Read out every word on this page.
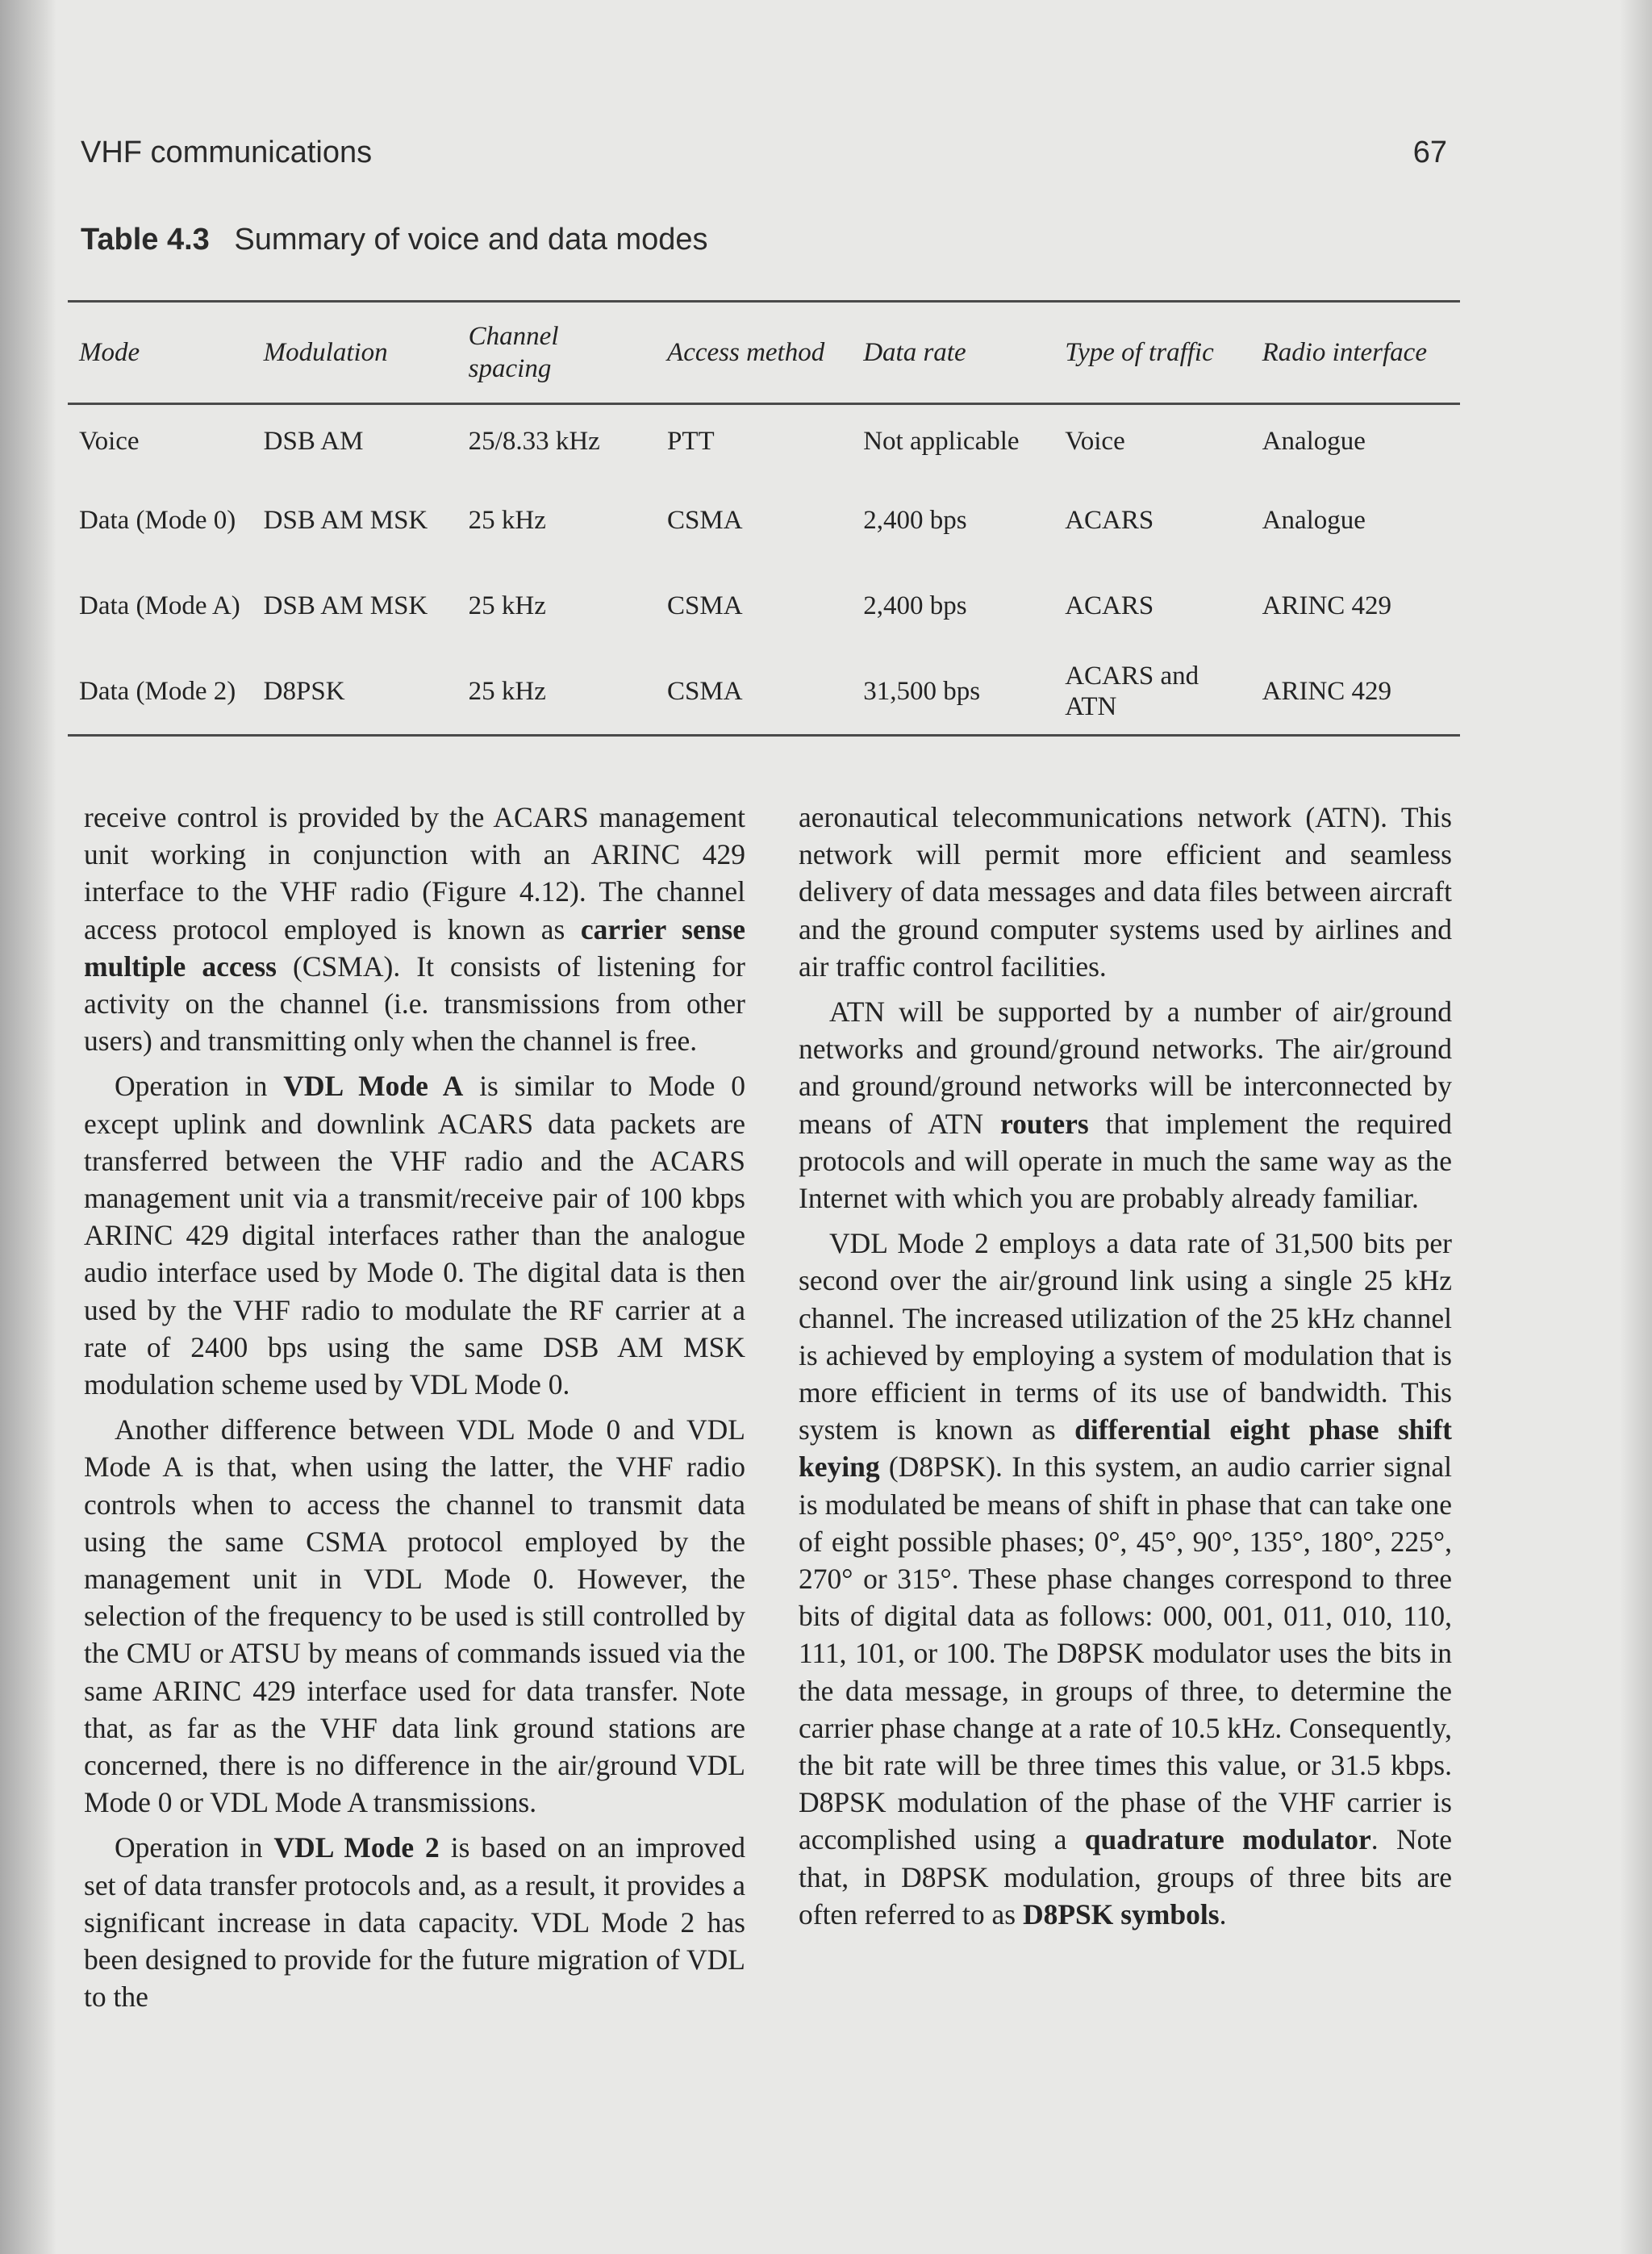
VHF communications	67
Table 4.3 Summary of voice and data modes
Mode	Modulation	Channel spacing	Access method	Data rate	Type of traffic	Radio interface

Voice	DSB AM	25/8.33 kHz	PTT	Not applicable	Voice	Analogue
Data (Mode 0)	DSB AM MSK	25 kHz	CSMA	2,400 bps	ACARS	Analogue
Data (Mode A)	DSB AM MSK	25 kHz	CSMA	2,400 bps	ACARS	ARINC 429
Data (Mode 2)	D8PSK	25 kHz	CSMA	31,500 bps	ACARS and ATN	ARINC 429

receive control is provided by the ACARS management unit working in conjunction with an ARINC 429 interface to the VHF radio (Figure 4.12). The channel access protocol employed is known as carrier sense multiple access (CSMA). It consists of listening for activity on the channel (i.e. transmissions from other users) and transmitting only when the channel is free.

Operation in VDL Mode A is similar to Mode 0 except uplink and downlink ACARS data packets are transferred between the VHF radio and the ACARS management unit via a transmit/receive pair of 100 kbps ARINC 429 digital interfaces rather than the analogue audio interface used by Mode 0. The digital data is then used by the VHF radio to modulate the RF carrier at a rate of 2400 bps using the same DSB AM MSK modulation scheme used by VDL Mode 0.

Another difference between VDL Mode 0 and VDL Mode A is that, when using the latter, the VHF radio controls when to access the channel to transmit data using the same CSMA protocol employed by the management unit in VDL Mode 0. However, the selection of the frequency to be used is still controlled by the CMU or ATSU by means of commands issued via the same ARINC 429 interface used for data transfer. Note that, as far as the VHF data link ground stations are concerned, there is no difference in the air/ground VDL Mode 0 or VDL Mode A transmissions.

Operation in VDL Mode 2 is based on an improved set of data transfer protocols and, as a result, it provides a significant increase in data capacity. VDL Mode 2 has been designed to provide for the future migration of VDL to the

aeronautical telecommunications network (ATN). This network will permit more efficient and seamless delivery of data messages and data files between aircraft and the ground computer systems used by airlines and air traffic control facilities.

ATN will be supported by a number of air/ground networks and ground/ground networks. The air/ground and ground/ground networks will be interconnected by means of ATN routers that implement the required protocols and will operate in much the same way as the Internet with which you are probably already familiar.

VDL Mode 2 employs a data rate of 31,500 bits per second over the air/ground link using a single 25 kHz channel. The increased utilization of the 25 kHz channel is achieved by employing a system of modulation that is more efficient in terms of its use of bandwidth. This system is known as differential eight phase shift keying (D8PSK). In this system, an audio carrier signal is modulated be means of shift in phase that can take one of eight possible phases; 0°, 45°, 90°, 135°, 180°, 225°, 270° or 315°. These phase changes correspond to three bits of digital data as follows: 000, 001, 011, 010, 110, 111, 101, or 100. The D8PSK modulator uses the bits in the data message, in groups of three, to determine the carrier phase change at a rate of 10.5 kHz. Consequently, the bit rate will be three times this value, or 31.5 kbps. D8PSK modulation of the phase of the VHF carrier is accomplished using a quadrature modulator. Note that, in D8PSK modulation, groups of three bits are often referred to as D8PSK symbols.
